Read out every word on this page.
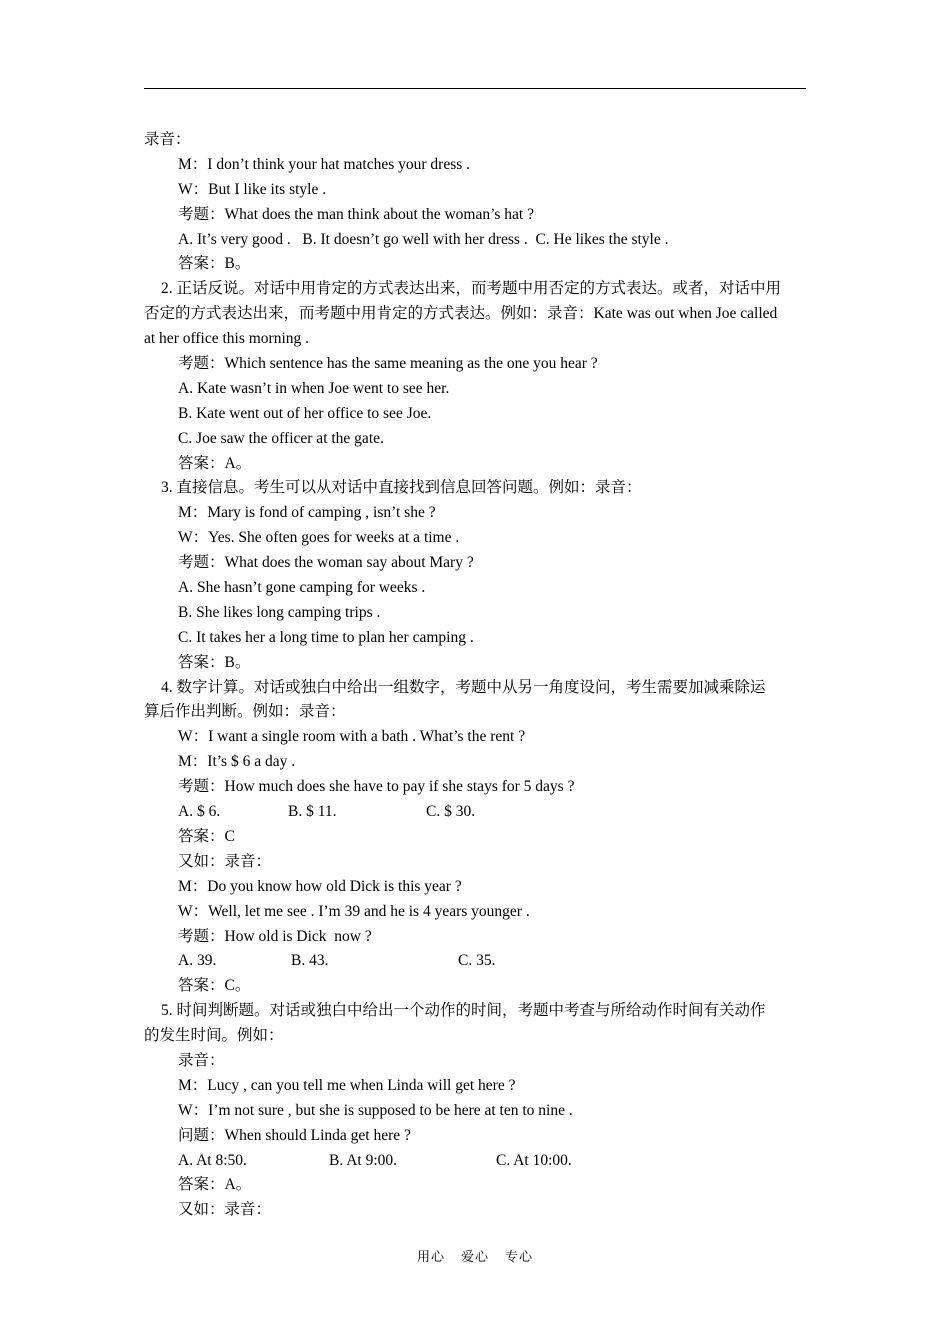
录音：
M：I don’t think your hat matches your dress .
W：But I like its style .
考题：What does the man think about the woman’s hat ?
A. It’s very good .   B. It doesn’t go well with her dress .  C. He likes the style .
答案：B。
2. 正话反说。对话中用肯定的方式表达出来，而考题中用否定的方式表达。或者，对话中用
否定的方式表达出来，而考题中用肯定的方式表达。例如：录音：Kate was out when Joe called
at her office this morning .
考题：Which sentence has the same meaning as the one you hear ?
A. Kate wasn’t in when Joe went to see her.
B. Kate went out of her office to see Joe.
C. Joe saw the officer at the gate.
答案：A。
3. 直接信息。考生可以从对话中直接找到信息回答问题。例如：录音：
M：Mary is fond of camping , isn’t she ?
W：Yes. She often goes for weeks at a time .
考题：What does the woman say about Mary ?
A. She hasn’t gone camping for weeks .
B. She likes long camping trips .
C. It takes her a long time to plan her camping .
答案：B。
4. 数字计算。对话或独白中给出一组数字，考题中从另一角度设问，考生需要加减乘除运
算后作出判断。例如：录音：
W：I want a single room with a bath . What’s the rent ?
M：It’s $ 6 a day .
考题：How much does she have to pay if she stays for 5 days ?
A. $ 6.	B. $ 11.	C. $ 30.
答案：C
又如：录音：
M：Do you know how old Dick is this year ?
W：Well, let me see . I’m 39 and he is 4 years younger .
考题：How old is Dick  now ?
A. 39.	B. 43.	C. 35.
答案：C。
5. 时间判断题。对话或独白中给出一个动作的时间，考题中考查与所给动作时间有关动作
的发生时间。例如：
录音：
M：Lucy , can you tell me when Linda will get here ?
W：I’m not sure , but she is supposed to be here at ten to nine .
问题：When should Linda get here ?
A. At 8:50.	B. At 9:00.	C. At 10:00.
答案：A。
又如：录音：
用心 爱心 专心
